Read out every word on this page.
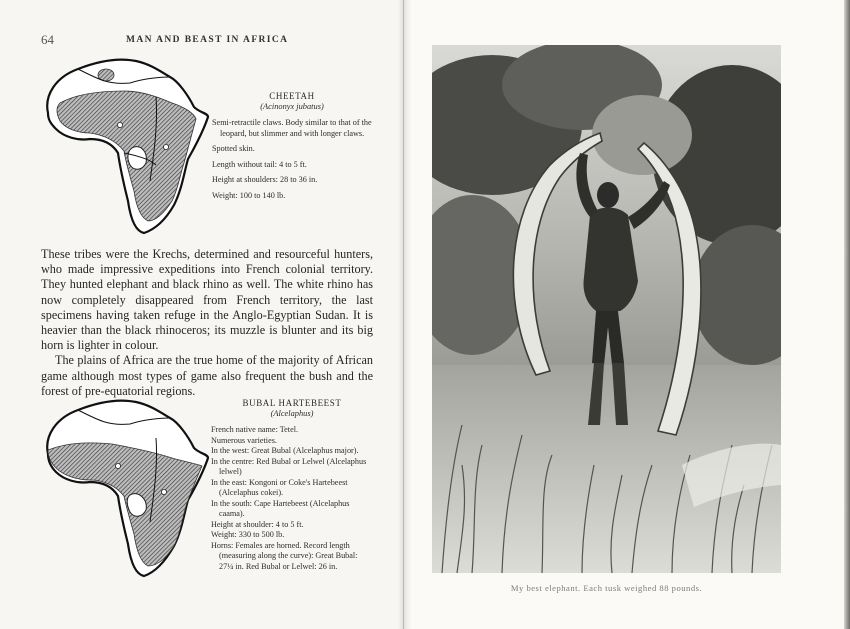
64	MAN AND BEAST IN AFRICA
CHEETAH
(Acinonyx jubatus)

Semi-retractile claws. Body similar to that of the leopard, but slimmer and with longer claws.

Spotted skin.

Length without tail: 4 to 5 ft.

Height at shoulders: 28 to 36 in.

Weight: 100 to 140 lb.

These tribes were the Krechs, determined and resourceful hunters, who made impressive expeditions into French colonial territory. They hunted elephant and black rhino as well. The white rhino has now completely disappeared from French territory, the last specimens having taken refuge in the Anglo-Egyptian Sudan. It is heavier than the black rhinoceros; its muzzle is blunter and its big horn is lighter in colour.

The plains of Africa are the true home of the majority of African game although most types of game also frequent the bush and the forest of pre-equatorial regions.

BUBAL HARTEBEEST
(Alcelaphus)

French native name: Tetel.

Numerous varieties.

In the west: Great Bubal (Alcelaphus major).

In the centre: Red Bubal or Lelwel (Alcelaphus lelwel)

In the east: Kongoni or Coke's Hartebeest (Alcelaphus cokei).

In the south: Cape Hartebeest (Alcelaphus caama).

Height at shoulder: 4 to 5 ft.

Weight: 330 to 500 lb.

Horns: Females are horned. Record length (measuring along the curve): Great Bubal: 27¼ in. Red Bubal or Lelwel: 26 in.

My best elephant. Each tusk weighed 88 pounds.
